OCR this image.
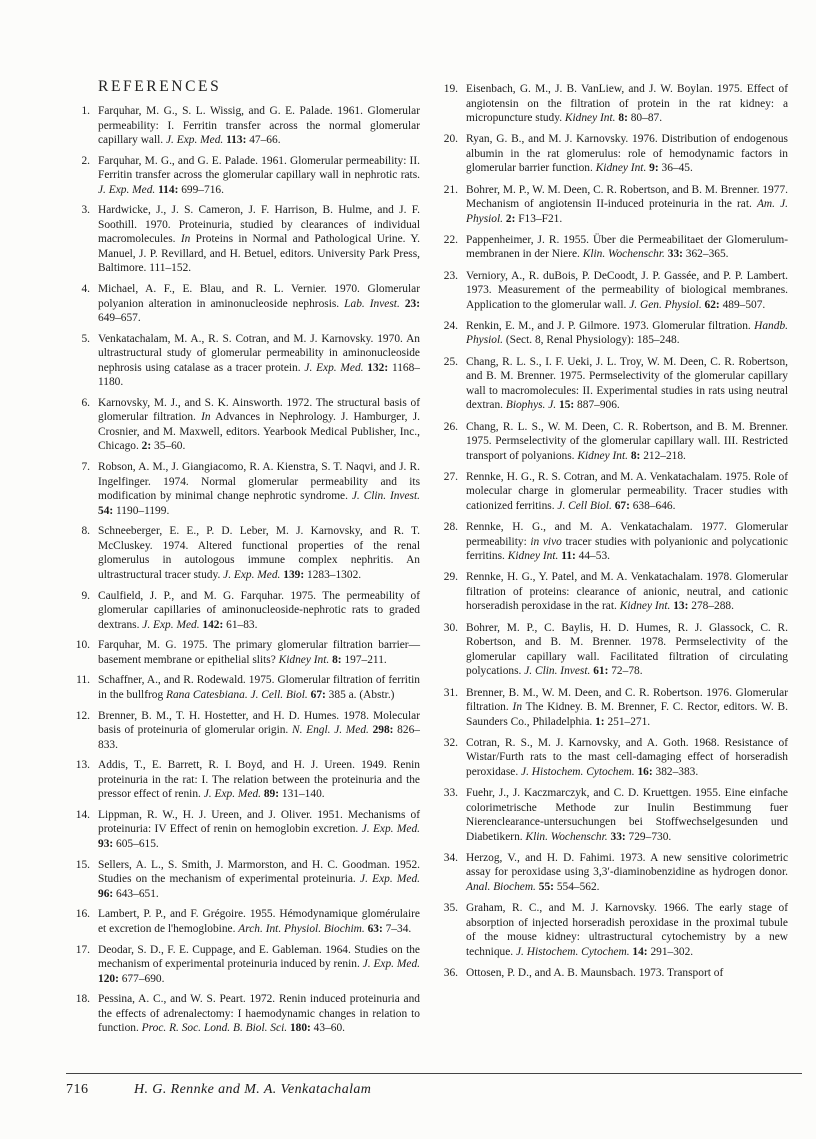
REFERENCES
1 . Farquhar, M. G., S. L. Wissig, and G. E. Palade. 1961. Glomerular permeability: I. Ferritin transfer across the normal glomerular capillary wall. J. Exp. Med. 113: 47–66.
2 . Farquhar, M. G., and G. E. Palade. 1961. Glomerular permeability: II. Ferritin transfer across the glomerular capillary wall in nephrotic rats. J. Exp. Med. 114: 699–716.
3 . Hardwicke, J., J. S. Cameron, J. F. Harrison, B. Hulme, and J. F. Soothill. 1970. Proteinuria, studied by clearances of individual macromolecules. In Proteins in Normal and Pathological Urine. Y. Manuel, J. P. Revillard, and H. Betuel, editors. University Park Press, Baltimore. 111–152.
4 . Michael, A. F., E. Blau, and R. L. Vernier. 1970. Glomerular polyanion alteration in aminonucleoside nephrosis. Lab. Invest. 23: 649–657.
5 . Venkatachalam, M. A., R. S. Cotran, and M. J. Karnovsky. 1970. An ultrastructural study of glomerular permeability in aminonucleoside nephrosis using catalase as a tracer protein. J. Exp. Med. 132: 1168–1180.
6 . Karnovsky, M. J., and S. K. Ainsworth. 1972. The structural basis of glomerular filtration. In Advances in Nephrology. J. Hamburger, J. Crosnier, and M. Maxwell, editors. Yearbook Medical Publisher, Inc., Chicago. 2: 35–60.
7 . Robson, A. M., J. Giangiacomo, R. A. Kienstra, S. T. Naqvi, and J. R. Ingelfinger. 1974. Normal glomerular permeability and its modification by minimal change nephrotic syndrome. J. Clin. Invest. 54: 1190–1199.
8 . Schneeberger, E. E., P. D. Leber, M. J. Karnovsky, and R. T. McCluskey. 1974. Altered functional properties of the renal glomerulus in autologous immune complex nephritis. An ultrastructural tracer study. J. Exp. Med. 139: 1283–1302.
9 . Caulfield, J. P., and M. G. Farquhar. 1975. The permeability of glomerular capillaries of aminonucleoside-nephrotic rats to graded dextrans. J. Exp. Med. 142: 61–83.
10 . Farquhar, M. G. 1975. The primary glomerular filtration barrier—basement membrane or epithelial slits? Kidney Int. 8: 197–211.
11 . Schaffner, A., and R. Rodewald. 1975. Glomerular filtration of ferritin in the bullfrog Rana Catesbiana. J. Cell. Biol. 67: 385 a. (Abstr.)
12 . Brenner, B. M., T. H. Hostetter, and H. D. Humes. 1978. Molecular basis of proteinuria of glomerular origin. N. Engl. J. Med. 298: 826–833.
13 . Addis, T., E. Barrett, R. I. Boyd, and H. J. Ureen. 1949. Renin proteinuria in the rat: I. The relation between the proteinuria and the pressor effect of renin. J. Exp. Med. 89: 131–140.
14 . Lippman, R. W., H. J. Ureen, and J. Oliver. 1951. Mechanisms of proteinuria: IV Effect of renin on hemoglobin excretion. J. Exp. Med. 93: 605–615.
15 . Sellers, A. L., S. Smith, J. Marmorston, and H. C. Goodman. 1952. Studies on the mechanism of experimental proteinuria. J. Exp. Med. 96: 643–651.
16 . Lambert, P. P., and F. Grégoire. 1955. Hémodynamique glomérulaire et excretion de l'hemoglobine. Arch. Int. Physiol. Biochim. 63: 7–34.
17 . Deodar, S. D., F. E. Cuppage, and E. Gableman. 1964. Studies on the mechanism of experimental proteinuria induced by renin. J. Exp. Med. 120: 677–690.
18 . Pessina, A. C., and W. S. Peart. 1972. Renin induced proteinuria and the effects of adrenalectomy: I haemodynamic changes in relation to function. Proc. R. Soc. Lond. B. Biol. Sci. 180: 43–60.
19 . Eisenbach, G. M., J. B. VanLiew, and J. W. Boylan. 1975. Effect of angiotensin on the filtration of protein in the rat kidney: a micropuncture study. Kidney Int. 8: 80–87.
20 . Ryan, G. B., and M. J. Karnovsky. 1976. Distribution of endogenous albumin in the rat glomerulus: role of hemodynamic factors in glomerular barrier function. Kidney Int. 9: 36–45.
21 . Bohrer, M. P., W. M. Deen, C. R. Robertson, and B. M. Brenner. 1977. Mechanism of angiotensin II-induced proteinuria in the rat. Am. J. Physiol. 2: F13–F21.
22 . Pappenheimer, J. R. 1955. Über die Permeabilitaet der Glomerulum-membranen in der Niere. Klin. Wochenschr. 33: 362–365.
23 . Verniory, A., R. duBois, P. DeCoodt, J. P. Gassée, and P. P. Lambert. 1973. Measurement of the permeability of biological membranes. Application to the glomerular wall. J. Gen. Physiol. 62: 489–507.
24 . Renkin, E. M., and J. P. Gilmore. 1973. Glomerular filtration. Handb. Physiol. (Sect. 8, Renal Physiology): 185–248.
25 . Chang, R. L. S., I. F. Ueki, J. L. Troy, W. M. Deen, C. R. Robertson, and B. M. Brenner. 1975. Permselectivity of the glomerular capillary wall to macromolecules: II. Experimental studies in rats using neutral dextran. Biophys. J. 15: 887–906.
26 . Chang, R. L. S., W. M. Deen, C. R. Robertson, and B. M. Brenner. 1975. Permselectivity of the glomerular capillary wall. III. Restricted transport of polyanions. Kidney Int. 8: 212–218.
27 . Rennke, H. G., R. S. Cotran, and M. A. Venkatachalam. 1975. Role of molecular charge in glomerular permeability. Tracer studies with cationized ferritins. J. Cell Biol. 67: 638–646.
28 . Rennke, H. G., and M. A. Venkatachalam. 1977. Glomerular permeability: in vivo tracer studies with polyanionic and polycationic ferritins. Kidney Int. 11: 44–53.
29 . Rennke, H. G., Y. Patel, and M. A. Venkatachalam. 1978. Glomerular filtration of proteins: clearance of anionic, neutral, and cationic horseradish peroxidase in the rat. Kidney Int. 13: 278–288.
30 . Bohrer, M. P., C. Baylis, H. D. Humes, R. J. Glassock, C. R. Robertson, and B. M. Brenner. 1978. Permselectivity of the glomerular capillary wall. Facilitated filtration of circulating polycations. J. Clin. Invest. 61: 72–78.
31 . Brenner, B. M., W. M. Deen, and C. R. Robertson. 1976. Glomerular filtration. In The Kidney. B. M. Brenner, F. C. Rector, editors. W. B. Saunders Co., Philadelphia. 1: 251–271.
32 . Cotran, R. S., M. J. Karnovsky, and A. Goth. 1968. Resistance of Wistar/Furth rats to the mast cell-damaging effect of horseradish peroxidase. J. Histochem. Cytochem. 16: 382–383.
33 . Fuehr, J., J. Kaczmarczyk, and C. D. Kruettgen. 1955. Eine einfache colorimetrische Methode zur Inulin Bestimmung fuer Nierenclearance-untersuchungen bei Stoffwechselgesunden und Diabetikern. Klin. Wochenschr. 33: 729–730.
34 . Herzog, V., and H. D. Fahimi. 1973. A new sensitive colorimetric assay for peroxidase using 3,3′-diaminobenzidine as hydrogen donor. Anal. Biochem. 55: 554–562.
35 . Graham, R. C., and M. J. Karnovsky. 1966. The early stage of absorption of injected horseradish peroxidase in the proximal tubule of the mouse kidney: ultrastructural cytochemistry by a new technique. J. Histochem. Cytochem. 14: 291–302.
36 . Ottosen, P. D., and A. B. Maunsbach. 1973. Transport of
716	H. G. Rennke and M. A. Venkatachalam
